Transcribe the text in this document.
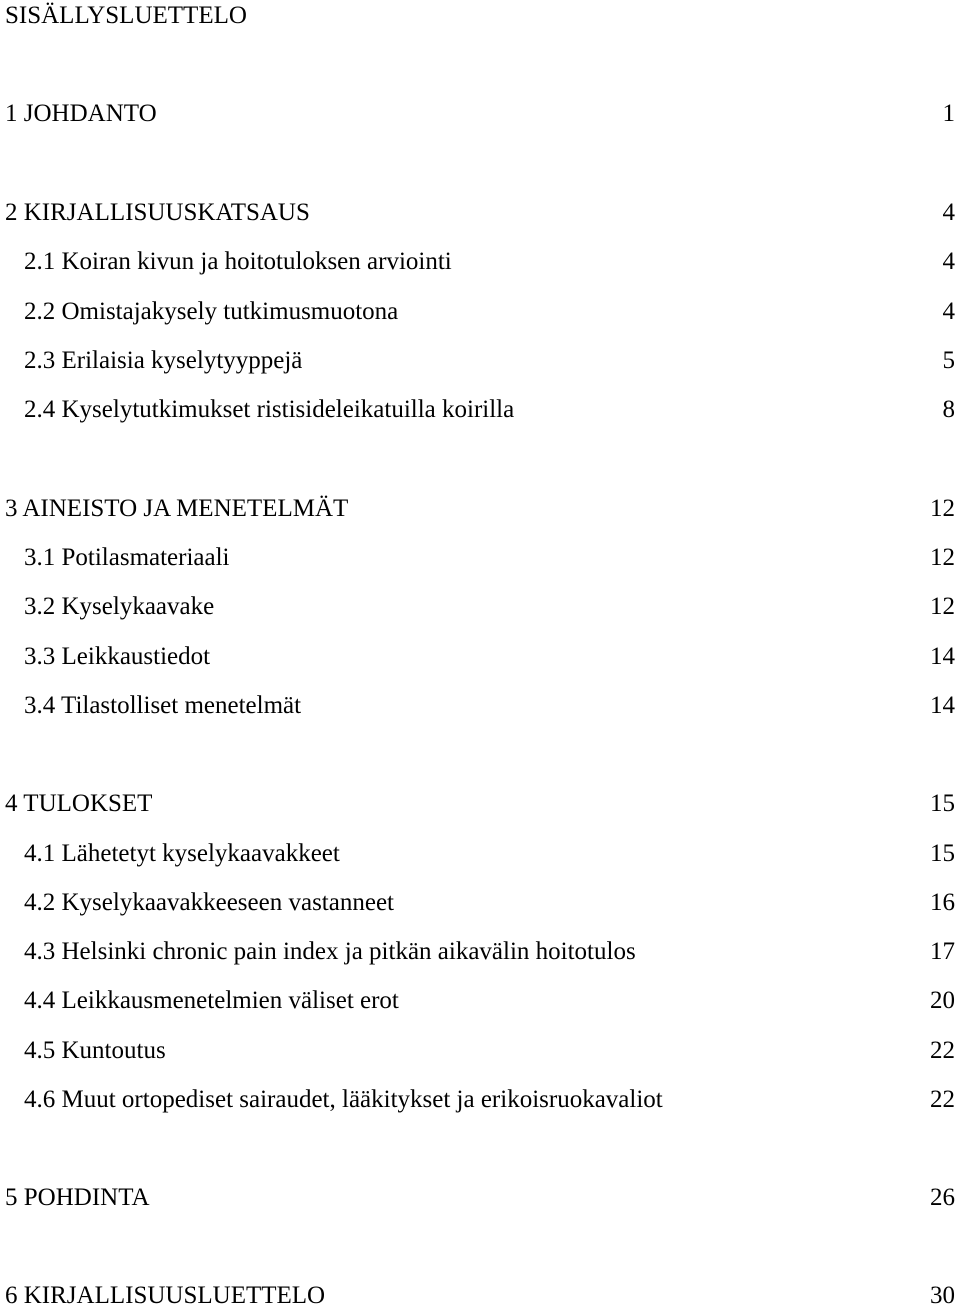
SISÄLLYSLUETTELO
1 JOHDANTO	1
2 KIRJALLISUUSKATSAUS	4
2.1 Koiran kivun ja hoitotuloksen arviointi	4
2.2 Omistajakysely tutkimusmuotona	4
2.3 Erilaisia kyselytyyppejä	5
2.4 Kyselytutkimukset ristisideleikatuilla koirilla	8
3 AINEISTO JA MENETELMÄT	12
3.1 Potilasmateriaali	12
3.2 Kyselykaavake	12
3.3 Leikkaustiedot	14
3.4 Tilastolliset menetelmät	14
4 TULOKSET	15
4.1 Lähetetyt kyselykaavakkeet	15
4.2 Kyselykaavakkeeseen vastanneet	16
4.3 Helsinki chronic pain index ja pitkän aikavälin hoitotulos	17
4.4 Leikkausmenetelmien väliset erot	20
4.5 Kuntoutus	22
4.6 Muut ortopediset sairaudet, lääkitykset ja erikoisruokavaliot	22
5 POHDINTA	26
6 KIRJALLISUUSLUETTELO	30
